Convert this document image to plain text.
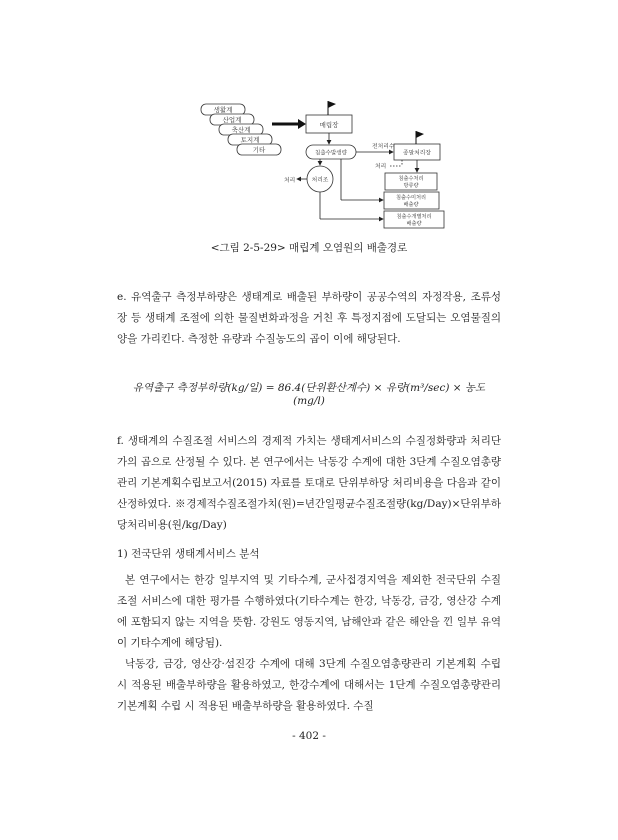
생활계
산업계
축산계
토지계
기타
매립장
침출수발생량
전처리수
종말처리장
처리
침출수처리
방류량
처리조
처리
침출수미처리
배출량
침출수개별처리
배출량
<그림 2-5-29> 매립계 오염원의 배출경로

e. 유역출구 측정부하량은 생태계로 배출된 부하량이 공공수역의 자정작용, 조류성장 등 생태계 조절에 의한 물질변화과정을 거친 후 특정지점에 도달되는 오염물질의 양을 가리킨다. 측정한 유량과 수질농도의 곱이 이에 해당된다.

유역출구 측정부하량(kg/일) = 86.4(단위환산계수) × 유량(m³/sec) × 농도(mg/l)

f. 생태계의 수질조절 서비스의 경제적 가치는 생태계서비스의 수질정화량과 처리단가의 곱으로 산정될 수 있다. 본 연구에서는 낙동강 수계에 대한 3단계 수질오염총량관리 기본계획수립보고서(2015) 자료를 토대로 단위부하당 처리비용을 다음과 같이 산정하였다. ※경제적수질조절가치(원)=년간일평균수질조절량(kg/Day)×단위부하당처리비용(원/kg/Day)

1) 전국단위 생태계서비스 분석

본 연구에서는 한강 일부지역 및 기타수계, 군사접경지역을 제외한 전국단위 수질조절 서비스에 대한 평가를 수행하였다(기타수계는 한강, 낙동강, 금강, 영산강 수계에 포함되지 않는 지역을 뜻함. 강원도 영동지역, 남해안과 같은 해안을 낀 일부 유역이 기타수계에 해당됨).

낙동강, 금강, 영산강·섬진강 수계에 대해 3단계 수질오염총량관리 기본계획 수립 시 적용된 배출부하량을 활용하였고, 한강수계에 대해서는 1단계 수질오염총량관리 기본계획 수립 시 적용된 배출부하량을 활용하였다. 수질

- 402 -
